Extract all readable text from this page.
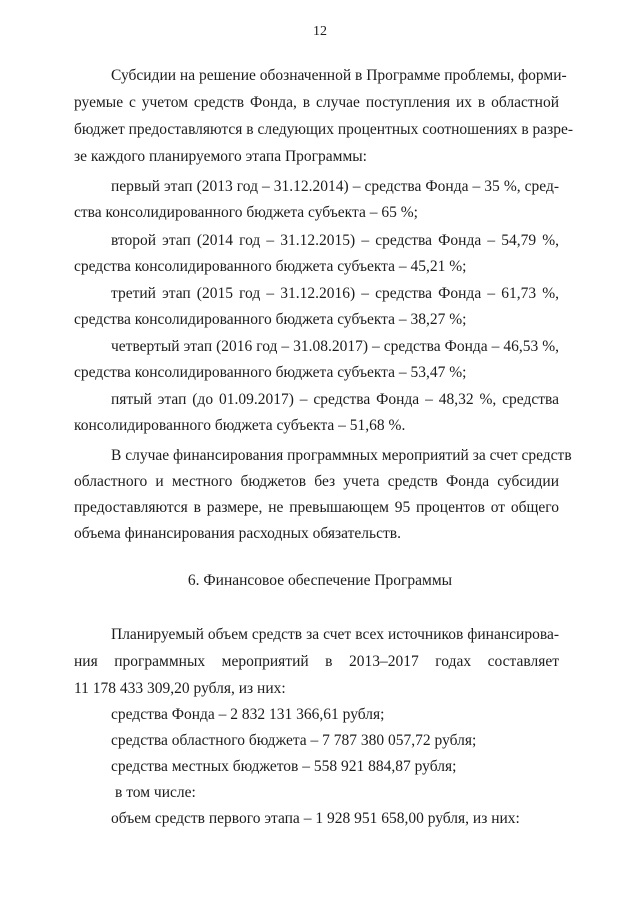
12
Субсидии на решение обозначенной в Программе проблемы, форми-
руемые с учетом средств Фонда, в случае поступления их в областной
бюджет предоставляются в следующих процентных соотношениях в разре-
зе каждого планируемого этапа Программы:
первый этап (2013 год – 31.12.2014) – средства Фонда – 35 %, сред-
ства консолидированного бюджета субъекта – 65 %;
второй этап (2014 год – 31.12.2015) – средства Фонда – 54,79 %,
средства консолидированного бюджета субъекта – 45,21 %;
третий этап (2015 год – 31.12.2016) – средства Фонда – 61,73 %,
средства консолидированного бюджета субъекта – 38,27 %;
четвертый этап (2016 год – 31.08.2017) – средства Фонда – 46,53 %,
средства консолидированного бюджета субъекта – 53,47 %;
пятый этап (до 01.09.2017) – средства Фонда – 48,32 %, средства
консолидированного бюджета субъекта – 51,68 %.
В случае финансирования программных мероприятий за счет средств
областного и местного бюджетов без учета средств Фонда субсидии
предоставляются в размере, не превышающем 95 процентов от общего
объема финансирования расходных обязательств.
6. Финансовое обеспечение Программы
Планируемый объем средств за счет всех источников финансирова-
ния программных мероприятий в 2013–2017 годах составляет
11 178 433 309,20 рубля, из них:
средства Фонда – 2 832 131 366,61 рубля;
средства областного бюджета – 7 787 380 057,72 рубля;
средства местных бюджетов – 558 921 884,87 рубля;
в том числе:
объем средств первого этапа – 1 928 951 658,00 рубля, из них:
